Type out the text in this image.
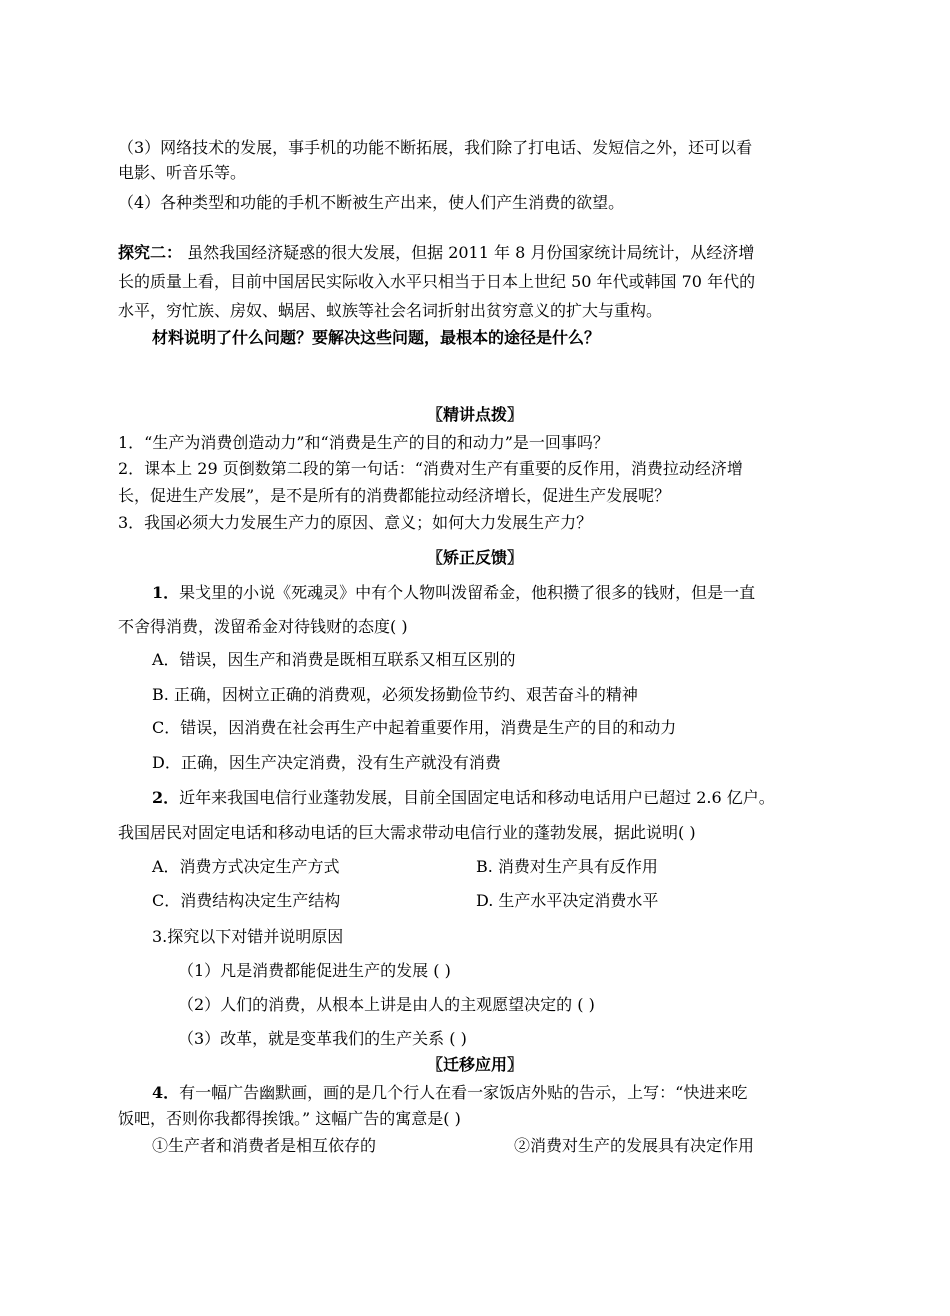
（3）网络技术的发展，事手机的功能不断拓展，我们除了打电话、发短信之外，还可以看
电影、听音乐等。
（4）各种类型和功能的手机不断被生产出来，使人们产生消费的欲望。
探究二： 虽然我国经济疑惑的很大发展，但据 2011 年 8 月份国家统计局统计，从经济增
长的质量上看，目前中国居民实际收入水平只相当于日本上世纪 50 年代或韩国 70 年代的
水平，穷忙族、房奴、蜗居、蚁族等社会名词折射出贫穷意义的扩大与重构。
材料说明了什么问题？要解决这些问题，最根本的途径是什么？
〖精讲点拨〗
1．“生产为消费创造动力”和“消费是生产的目的和动力”是一回事吗？
2．课本上 29 页倒数第二段的第一句话：“消费对生产有重要的反作用，消费拉动经济增
长，促进生产发展”，是不是所有的消费都能拉动经济增长，促进生产发展呢？
3．我国必须大力发展生产力的原因、意义；如何大力发展生产力？
〖矫正反馈〗
1．果戈里的小说《死魂灵》中有个人物叫泼留希金，他积攒了很多的钱财，但是一直
不舍得消费，泼留希金对待钱财的态度( )
A．错误，因生产和消费是既相互联系又相互区别的
B. 正确，因树立正确的消费观，必须发扬勤俭节约、艰苦奋斗的精神
C．错误，因消费在社会再生产中起着重要作用，消费是生产的目的和动力
D．正确，因生产决定消费，没有生产就没有消费
2．近年来我国电信行业蓬勃发展，目前全国固定电话和移动电话用户已超过 2.6 亿户。
我国居民对固定电话和移动电话的巨大需求带动电信行业的蓬勃发展，据此说明( )
A．消费方式决定生产方式	B. 消费对生产具有反作用
C．消费结构决定生产结构	D. 生产水平决定消费水平
3.探究以下对错并说明原因
（1）凡是消费都能促进生产的发展 ( )
（2）人们的消费，从根本上讲是由人的主观愿望决定的 ( )
（3）改革，就是变革我们的生产关系 ( )
〖迁移应用〗
4．有一幅广告幽默画，画的是几个行人在看一家饭店外贴的告示，上写：“快进来吃
饭吧，否则你我都得挨饿。” 这幅广告的寓意是( )
①生产者和消费者是相互依存的	②消费对生产的发展具有决定作用
